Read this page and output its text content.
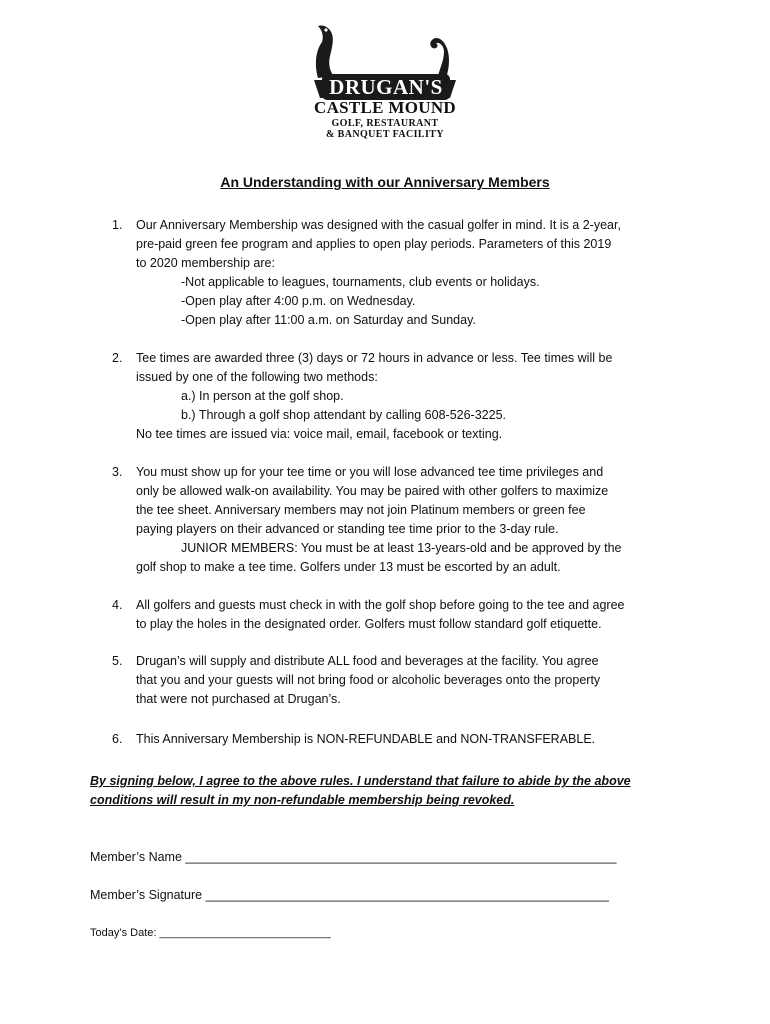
DRUGAN'S
CASTLE MOUND
GOLF, RESTAURANT
& BANQUET FACILITY
An Understanding with our Anniversary Members
1. Our Anniversary Membership was designed with the casual golfer in mind. It is a 2-year,
pre-paid green fee program and applies to open play periods. Parameters of this 2019
to 2020 membership are:
-Not applicable to leagues, tournaments, club events or holidays.
-Open play after 4:00 p.m. on Wednesday.
-Open play after 11:00 a.m. on Saturday and Sunday.
2. Tee times are awarded three (3) days or 72 hours in advance or less. Tee times will be
issued by one of the following two methods:
a.) In person at the golf shop.
b.) Through a golf shop attendant by calling 608-526-3225.
No tee times are issued via: voice mail, email, facebook or texting.
3. You must show up for your tee time or you will lose advanced tee time privileges and
only be allowed walk-on availability. You may be paired with other golfers to maximize
the tee sheet. Anniversary members may not join Platinum members or green fee
paying players on their advanced or standing tee time prior to the 3-day rule.
JUNIOR MEMBERS: You must be at least 13-years-old and be approved by the
golf shop to make a tee time. Golfers under 13 must be escorted by an adult.
4. All golfers and guests must check in with the golf shop before going to the tee and agree
to play the holes in the designated order. Golfers must follow standard golf etiquette.
5. Drugan’s will supply and distribute ALL food and beverages at the facility. You agree
that you and your guests will not bring food or alcoholic beverages onto the property
that were not purchased at Drugan’s.
6. This Anniversary Membership is NON-REFUNDABLE and NON-TRANSFERABLE.
By signing below, I agree to the above rules. I understand that failure to abide by the above
conditions will result in my non-refundable membership being revoked.
Member’s Name ______________________________________________________________
Member’s Signature __________________________________________________________
Today’s Date: ____________________________
